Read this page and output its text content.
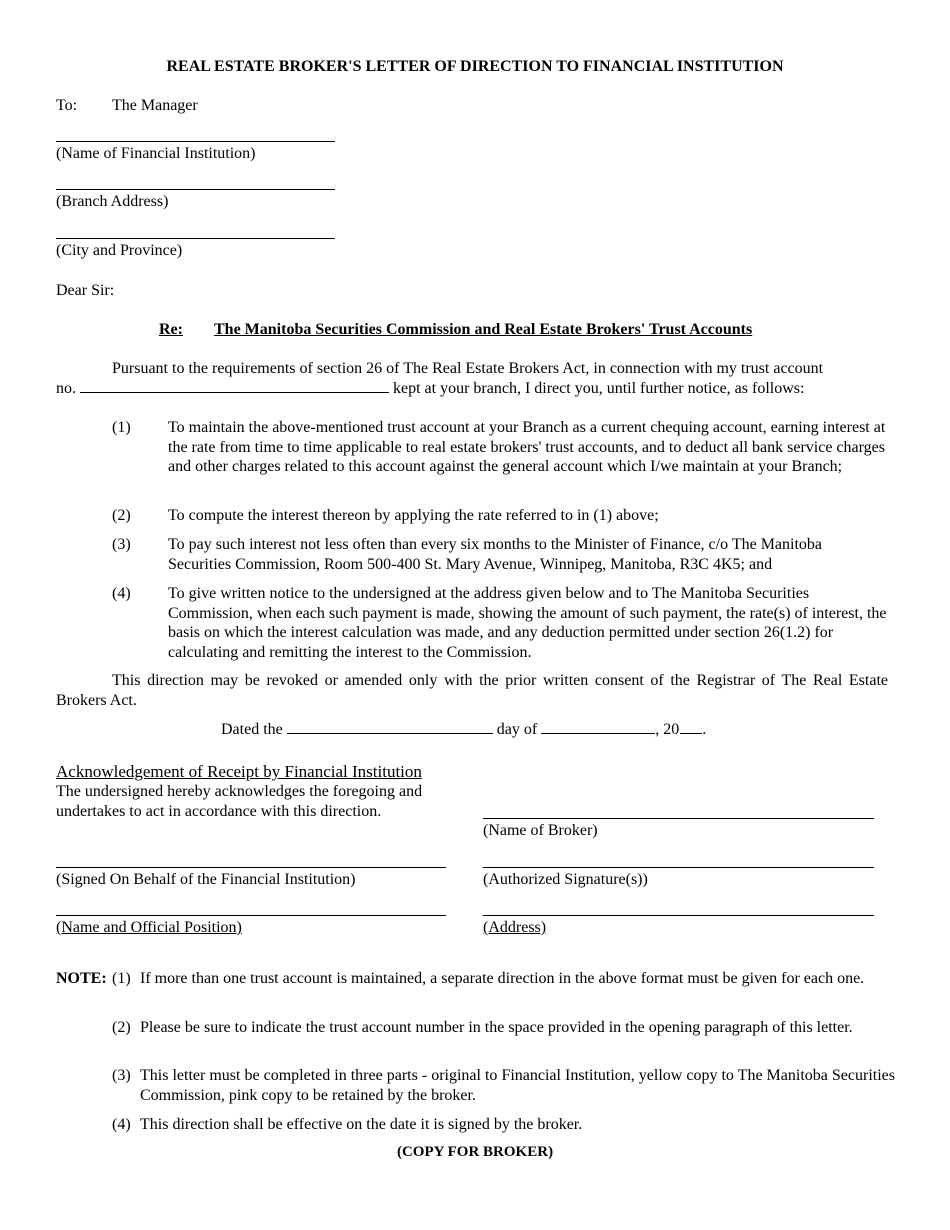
REAL ESTATE BROKER'S LETTER OF DIRECTION TO FINANCIAL INSTITUTION
To: The Manager
(Name of Financial Institution)
(Branch Address)
(City and Province)
Dear Sir:
Re: The Manitoba Securities Commission and Real Estate Brokers' Trust Accounts
Pursuant to the requirements of section 26 of The Real Estate Brokers Act, in connection with my trust account
no.	kept at your branch, I direct you, until further notice, as follows:
(1) To maintain the above-mentioned trust account at your Branch as a current chequing account, earning interest at the rate from time to time applicable to real estate brokers' trust accounts, and to deduct all bank service charges and other charges related to this account against the general account which I/we maintain at your Branch;
(2) To compute the interest thereon by applying the rate referred to in (1) above;
(3) To pay such interest not less often than every six months to the Minister of Finance, c/o The Manitoba Securities Commission, Room 500-400 St. Mary Avenue, Winnipeg, Manitoba, R3C 4K5; and
(4) To give written notice to the undersigned at the address given below and to The Manitoba Securities Commission, when each such payment is made, showing the amount of such payment, the rate(s) of interest, the basis on which the interest calculation was made, and any deduction permitted under section 26(1.2) for calculating and remitting the interest to the Commission.
This direction may be revoked or amended only with the prior written consent of the Registrar of The Real Estate Brokers Act.
Dated the	day of	, 20 .
Acknowledgement of Receipt by Financial Institution
The undersigned hereby acknowledges the foregoing and undertakes to act in accordance with this direction.
(Name of Broker)
(Signed On Behalf of the Financial Institution)	(Authorized Signature(s))
(Name and Official Position)	(Address)
NOTE: (1) If more than one trust account is maintained, a separate direction in the above format must be given for each one.
(2) Please be sure to indicate the trust account number in the space provided in the opening paragraph of this letter.
(3) This letter must be completed in three parts - original to Financial Institution, yellow copy to The Manitoba Securities Commission, pink copy to be retained by the broker.
(4) This direction shall be effective on the date it is signed by the broker.
(COPY FOR BROKER)
